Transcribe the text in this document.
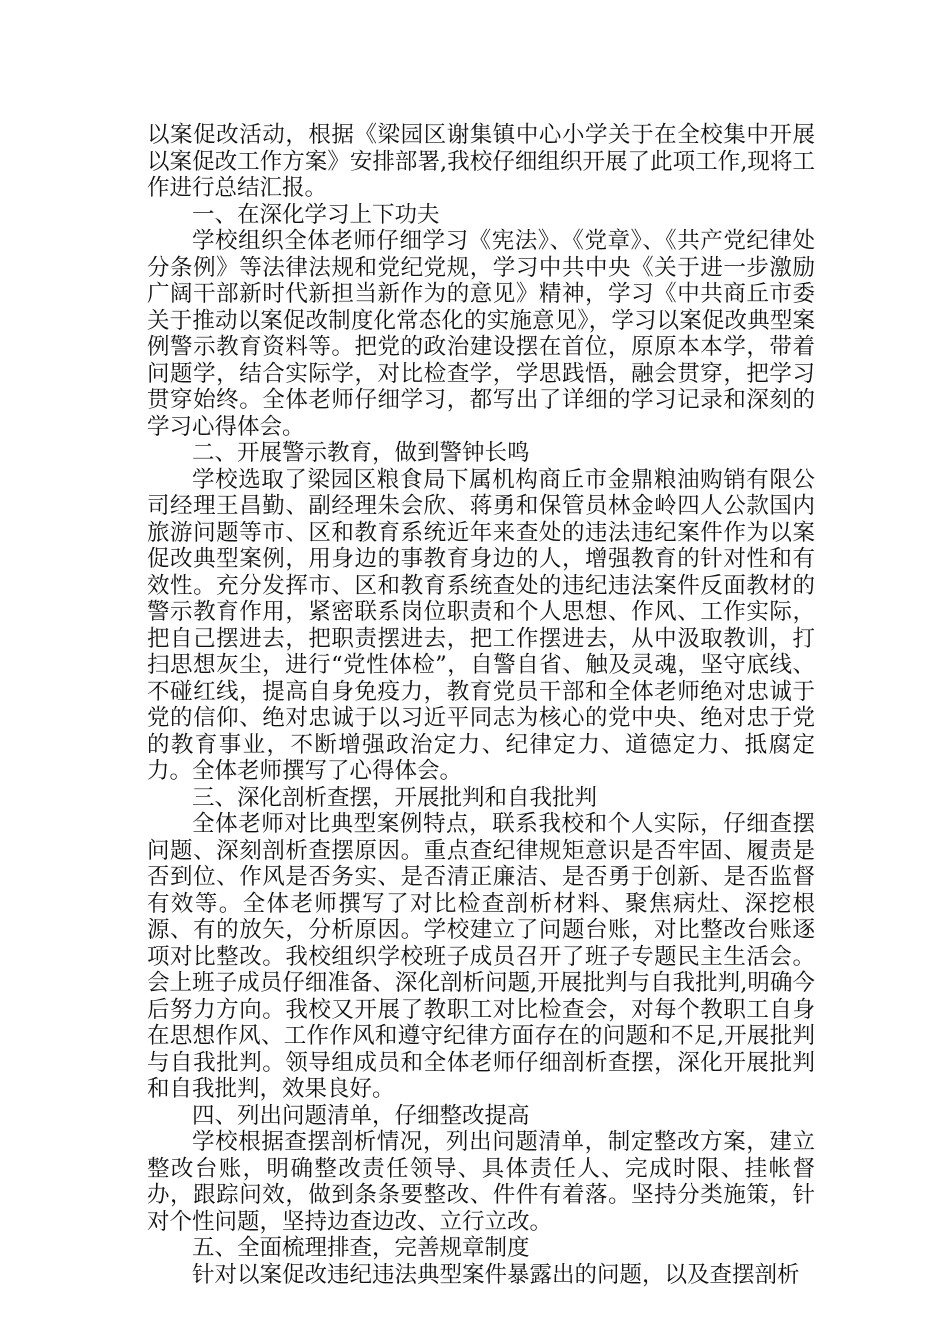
以案促改活动，根据《梁园区谢集镇中心小学关于在全校集中开展以案促改工作方案》安排部署,我校仔细组织开展了此项工作,现将工作进行总结汇报。

一、在深化学习上下功夫

学校组织全体老师仔细学习《宪法》、《党章》、《共产党纪律处分条例》等法律法规和党纪党规，学习中共中央《关于进一步激励广阔干部新时代新担当新作为的意见》精神，学习《中共商丘市委关于推动以案促改制度化常态化的实施意见》，学习以案促改典型案例警示教育资料等。把党的政治建设摆在首位，原原本本学，带着问题学，结合实际学，对比检查学，学思践悟，融会贯穿，把学习贯穿始终。全体老师仔细学习，都写出了详细的学习记录和深刻的学习心得体会。

二、开展警示教育，做到警钟长鸣

学校选取了梁园区粮食局下属机构商丘市金鼎粮油购销有限公司经理王昌勤、副经理朱会欣、蒋勇和保管员林金岭四人公款国内旅游问题等市、区和教育系统近年来查处的违法违纪案件作为以案促改典型案例，用身边的事教育身边的人，增强教育的针对性和有效性。充分发挥市、区和教育系统查处的违纪违法案件反面教材的警示教育作用，紧密联系岗位职责和个人思想、作风、工作实际，把自己摆进去，把职责摆进去，把工作摆进去，从中汲取教训，打扫思想灰尘，进行“党性体检”，自警自省、触及灵魂，坚守底线、不碰红线，提高自身免疫力，教育党员干部和全体老师绝对忠诚于党的信仰、绝对忠诚于以习近平同志为核心的党中央、绝对忠于党的教育事业，不断增强政治定力、纪律定力、道德定力、抵腐定力。全体老师撰写了心得体会。

三、深化剖析查摆，开展批判和自我批判

全体老师对比典型案例特点，联系我校和个人实际，仔细查摆问题、深刻剖析查摆原因。重点查纪律规矩意识是否牢固、履责是否到位、作风是否务实、是否清正廉洁、是否勇于创新、是否监督有效等。全体老师撰写了对比检查剖析材料、聚焦病灶、深挖根源、有的放矢，分析原因。学校建立了问题台账，对比整改台账逐项对比整改。我校组织学校班子成员召开了班子专题民主生活会。会上班子成员仔细准备、深化剖析问题,开展批判与自我批判,明确今后努力方向。我校又开展了教职工对比检查会，对每个教职工自身在思想作风、工作作风和遵守纪律方面存在的问题和不足,开展批判与自我批判。领导组成员和全体老师仔细剖析查摆，深化开展批判和自我批判，效果良好。

四、列出问题清单，仔细整改提高

学校根据查摆剖析情况，列出问题清单，制定整改方案，建立整改台账，明确整改责任领导、具体责任人、完成时限、挂帐督办，跟踪问效，做到条条要整改、件件有着落。坚持分类施策，针对个性问题，坚持边查边改、立行立改。

五、全面梳理排查，完善规章制度

针对以案促改违纪违法典型案件暴露出的问题，以及查摆剖析
